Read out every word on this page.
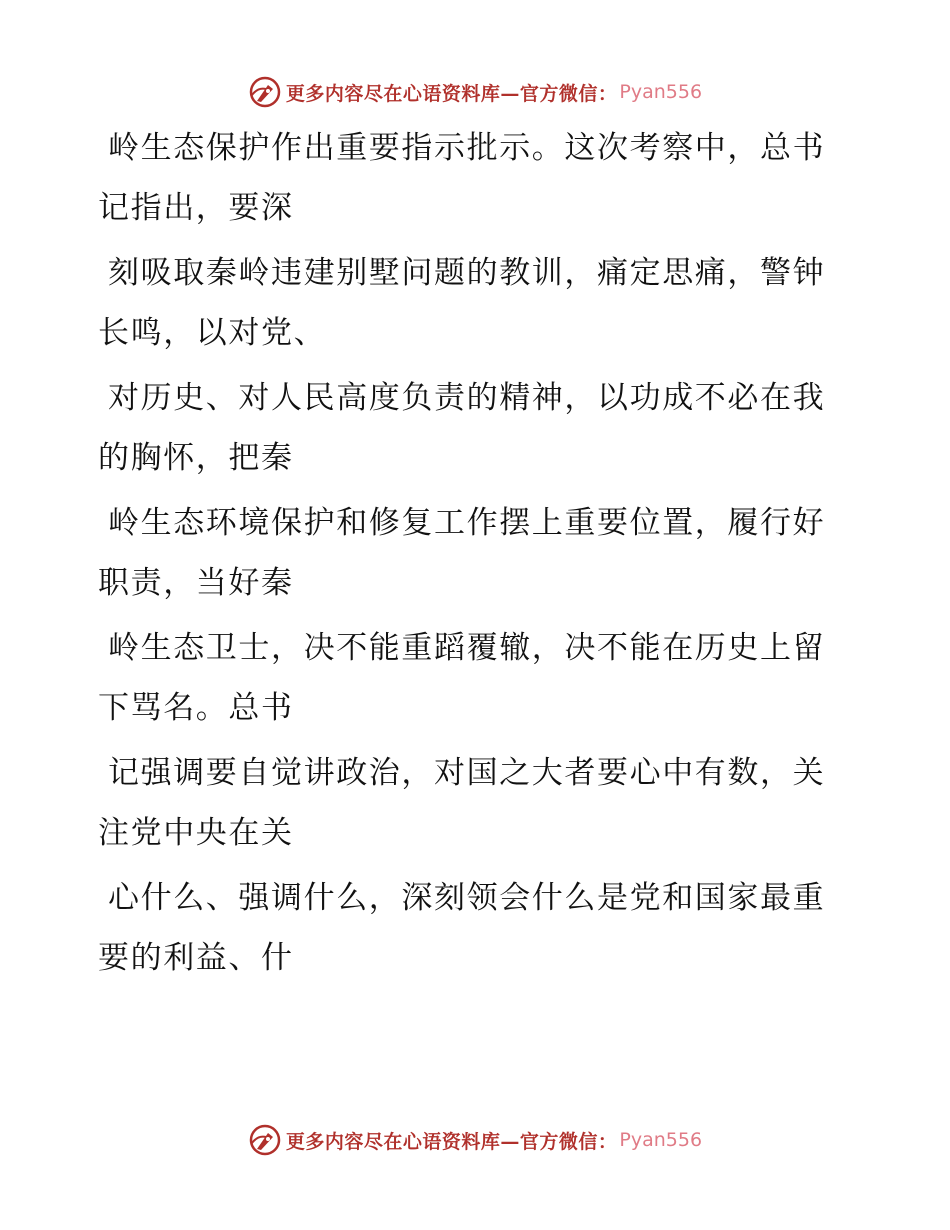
更多内容尽在心语资料库—官方微信： Pyan556

岭生态保护作出重要指示批示。这次考察中，总书记指出，要深

刻吸取秦岭违建别墅问题的教训，痛定思痛，警钟长鸣，以对党、

对历史、对人民高度负责的精神，以功成不必在我的胸怀，把秦

岭生态环境保护和修复工作摆上重要位置，履行好职责，当好秦

岭生态卫士，决不能重蹈覆辙，决不能在历史上留下骂名。总书

记强调要自觉讲政治，对国之大者要心中有数，关注党中央在关

心什么、强调什么，深刻领会什么是党和国家最重要的利益、什

更多内容尽在心语资料库—官方微信： Pyan556
